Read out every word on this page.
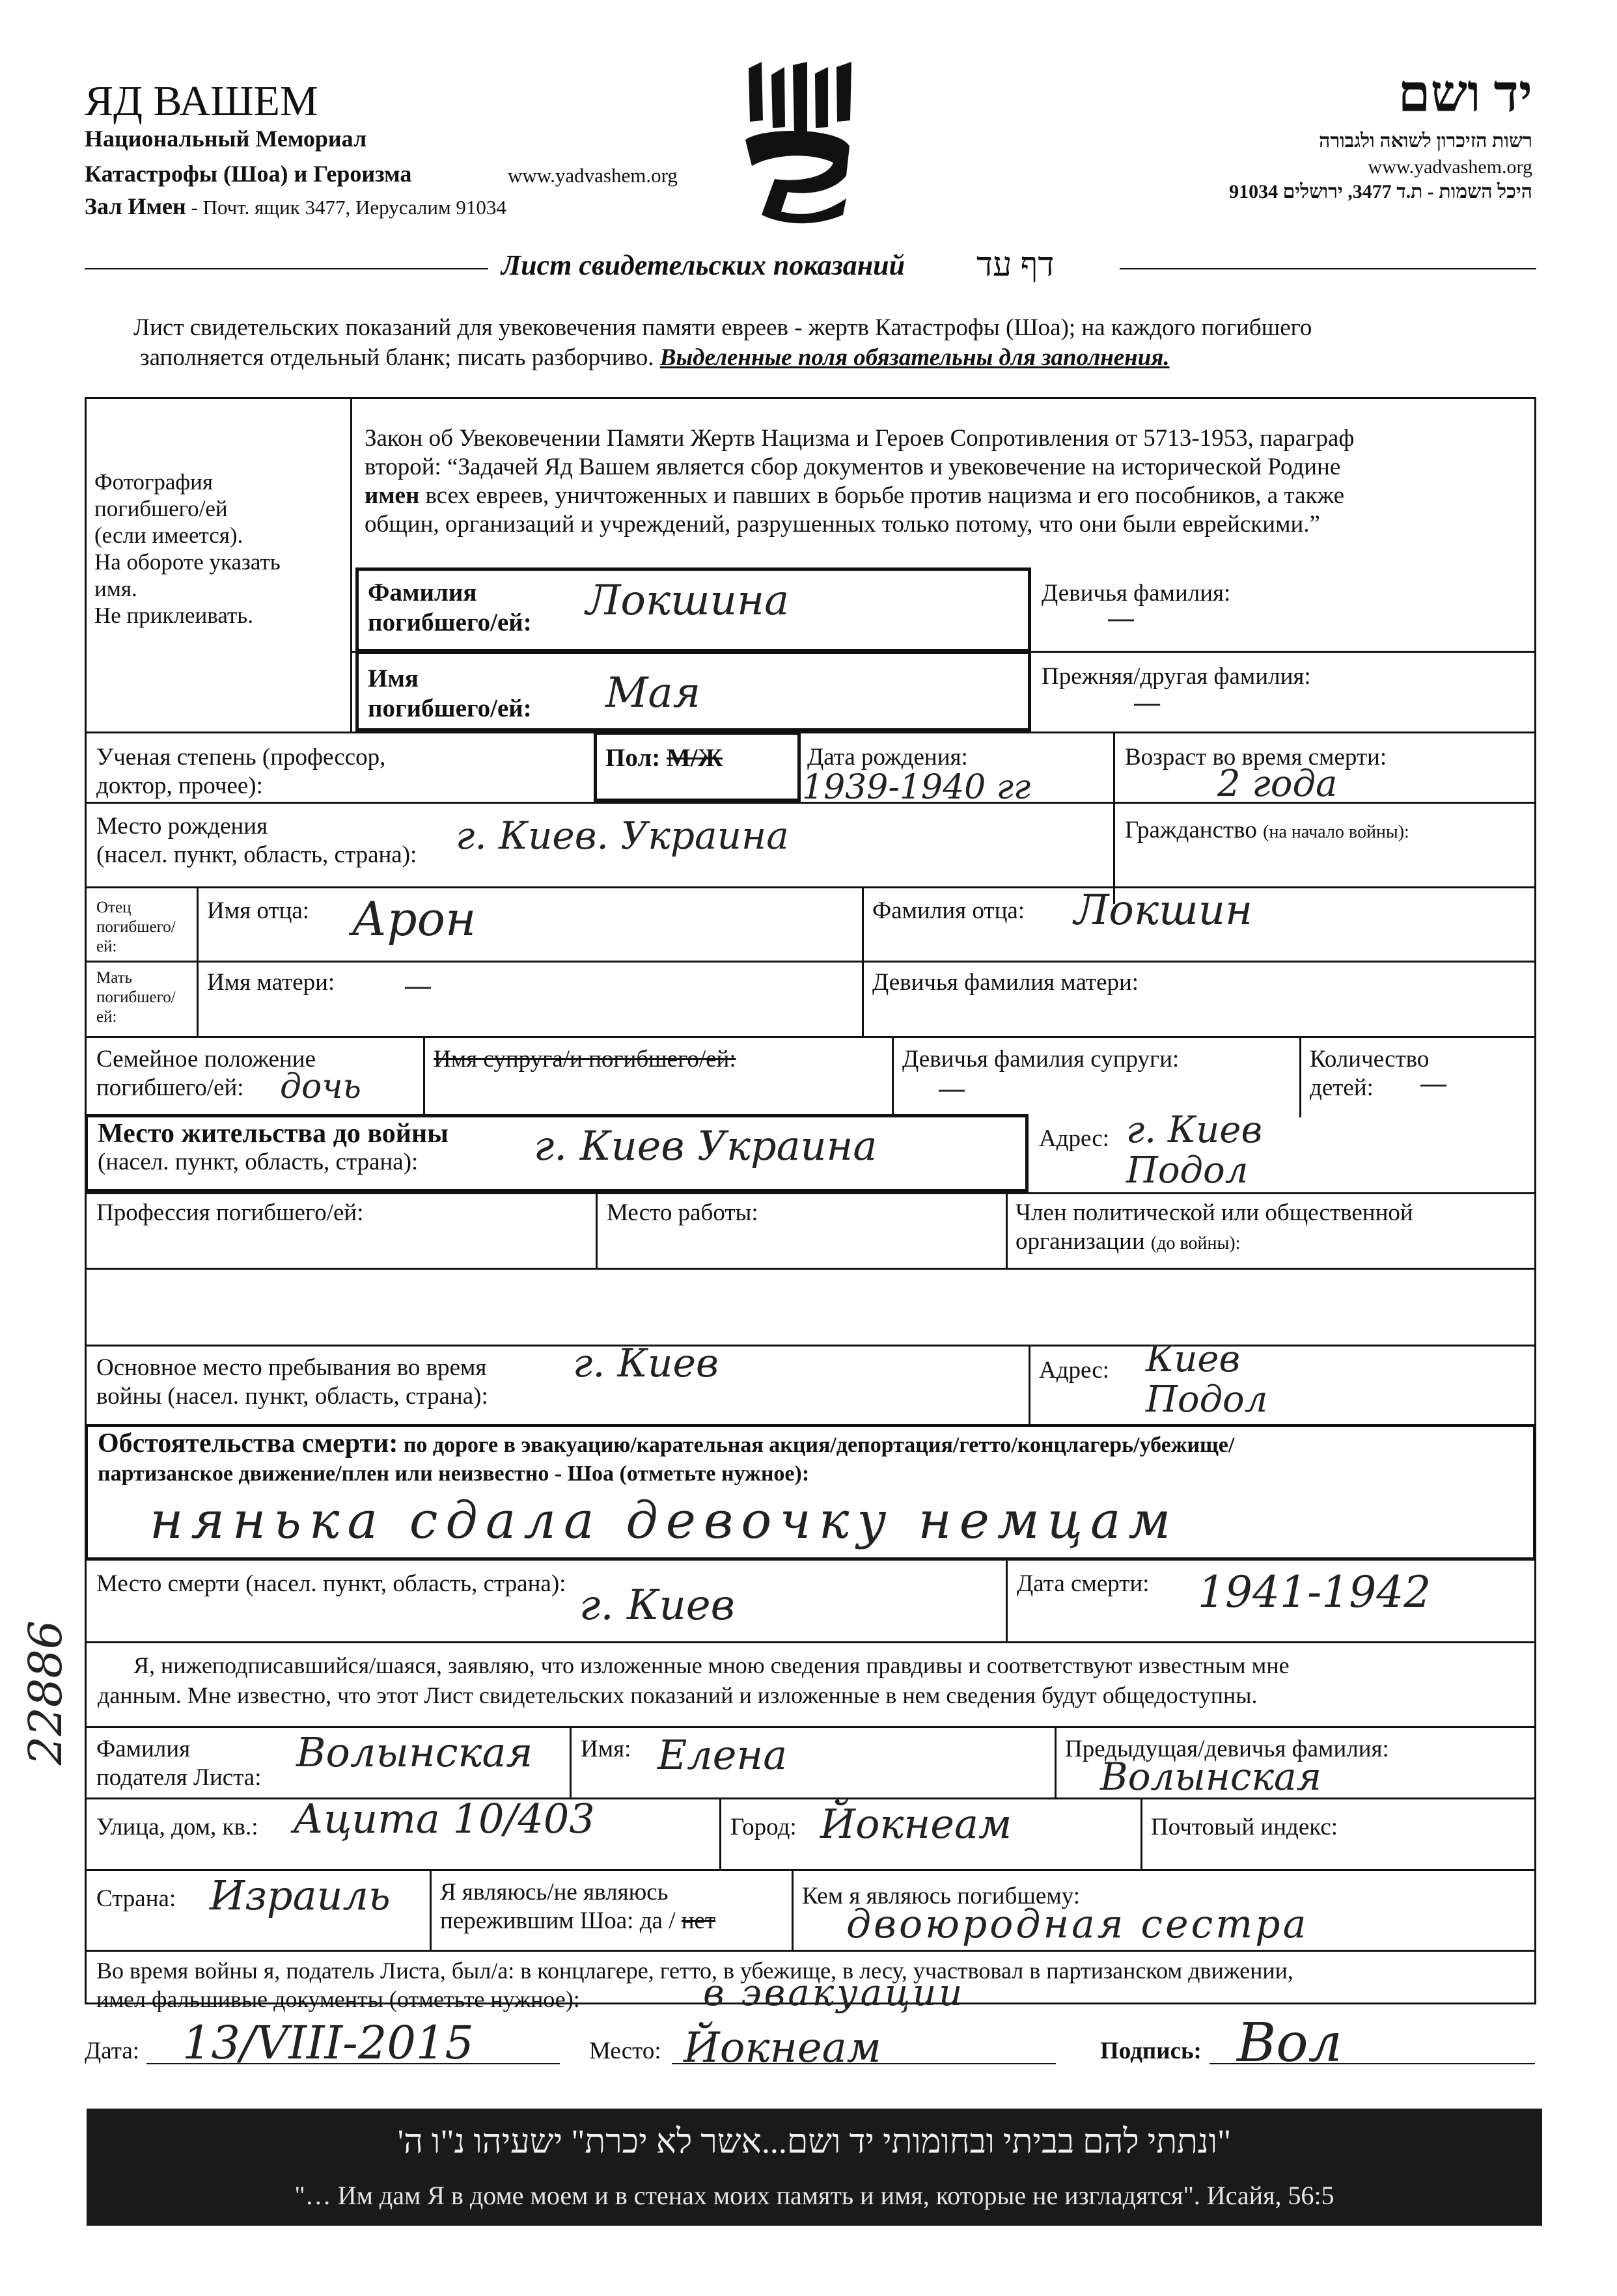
ЯД ВАШЕМ
Национальный Мемориал
Катастрофы (Шоа) и Героизма	www.yadvashem.org
Зал Имен - Почт. ящик 3477, Иерусалим 91034
יד ושם
רשות הזיכרון לשואה ולגבורה
www.yadvashem.org
היכל השמות - ת.ד 3477, ירושלים 91034
Лист свидетельских показаний דף עד
Лист свидетельских показаний для увековечения памяти евреев - жертв Катастрофы (Шоа); на каждого погибшего
заполняется отдельный бланк; писать разборчиво. Выделенные поля обязательны для заполнения.
Фотография
погибшего/ей
(если имеется).
На обороте указать
имя.
Не приклеивать.
Закон об Увековечении Памяти Жертв Нацизма и Героев Сопротивления от 5713-1953, параграф
второй: “Задачей Яд Вашем является сбор документов и увековечение на исторической Родине
имен всех евреев, уничтоженных и павших в борьбе против нацизма и его пособников, а также
общин, организаций и учреждений, разрушенных только потому, что они были еврейскими.”
Фамилия
погибшего/ей: Локшина	Девичья фамилия:
—
Имя
погибшего/ей: Мая	Прежняя/другая фамилия:
—
Ученая степень (профессор,
доктор, прочее):
Пол: М/Ж	Дата рождения:
1939-1940 гг
Возраст во время смерти:
2 года
Место рождения
(насел. пункт, область, страна): г. Киев. Украина	Гражданство (на начало войны):
Отец
погибшего/
ей:
Имя отца: Арон	Фамилия отца: Локшин
Мать
погибшего/
ей:
Имя матери: —	Девичья фамилия матери:
Семейное положение
погибшего/ей:	дочь
Имя супруга/и погибшего/ей:	Девичья фамилия супруги:
—
Количество
детей:	—
Место жительства до войны
(насел. пункт, область, страна):	г. Киев Украина	Адрес: г. Киев
Подол
Профессия погибшего/ей:	Место работы:	Член политической или общественной
организации (до войны):
Основное место пребывания во время
войны (насел. пункт, область, страна):
г. Киев	Адрес: Киев
Подол
Обстоятельства смерти: по дороге в эвакуацию/карательная акция/депортация/гетто/концлагерь/убежище/
партизанское движение/плен или неизвестно - Шоа (отметьте нужное):
нянька сдала девочку немцам
Место смерти (насел. пункт, область, страна): г. Киев	Дата смерти: 1941-1942
Я, нижеподписавшийся/шаяся, заявляю, что изложенные мною сведения правдивы и соответствуют известным мне
данным. Мне известно, что этот Лист свидетельских показаний и изложенные в нем сведения будут общедоступны.
Фамилия
подателя Листа:
Волынская Имя: Елена	Предыдущая/девичья фамилия:
Волынская
Улица, дом, кв.: Ацита 10/403	Город: Йокнеам	Почтовый индекс:
Страна: Израиль Я являюсь/не являюсь
пережившим Шоа: да / нет
Кем я являюсь погибшему:
двоюродная сестра
Во время войны я, податель Листа, был/а: в концлагере, гетто, в убежище, в лесу, участвовал в партизанском движении,
имел фальшивые документы (отметьте нужное):	в эвакуации
Дата: 13/VIII-2015	Место: Йокнеам	Подпись: Вол
"ונתתי להם בביתי ובחומותי יד ושם...אשר לא יכרת" ישעיהו נ"ו ה'
"… Им дам Я в доме моем и в стенах моих память и имя, которые не изгладятся". Исайя, 56:5
22886
